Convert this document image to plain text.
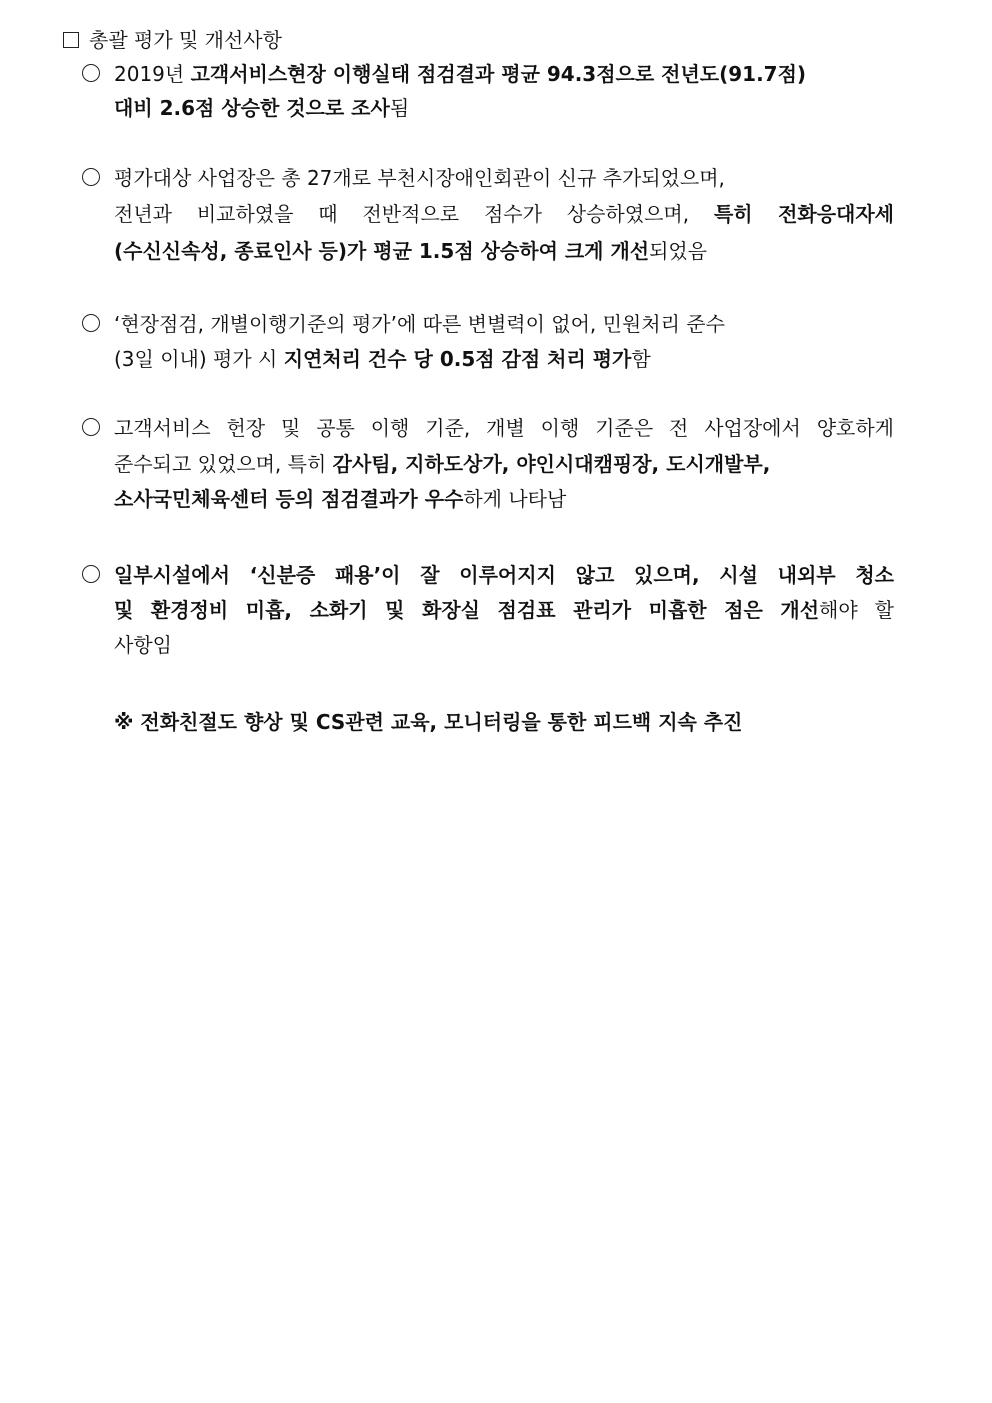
총괄 평가 및 개선사항
2019년 고객서비스현장 이행실태 점검결과 평균 94.3점으로 전년도(91.7점)
대비 2.6점 상승한 것으로 조사됨
평가대상 사업장은 총 27개로 부천시장애인회관이 신규 추가되었으며,
전년과 비교하였을 때 전반적으로 점수가 상승하였으며, 특히 전화응대자세
(수신신속성, 종료인사 등)가 평균 1.5점 상승하여 크게 개선되었음
‘현장점검, 개별이행기준의 평가’에 따른 변별력이 없어, 민원처리 준수
(3일 이내) 평가 시 지연처리 건수 당 0.5점 감점 처리 평가함
고객서비스 헌장 및 공통 이행 기준, 개별 이행 기준은 전 사업장에서 양호하게
준수되고 있었으며, 특히 감사팀, 지하도상가, 야인시대캠핑장, 도시개발부,
소사국민체육센터 등의 점검결과가 우수하게 나타남
일부시설에서 ‘신분증 패용’이 잘 이루어지지 않고 있으며, 시설 내외부 청소
및 환경정비 미흡, 소화기 및 화장실 점검표 관리가 미흡한 점은 개선해야 할
사항임
※ 전화친절도 향상 및 CS관련 교육, 모니터링을 통한 피드백 지속 추진
